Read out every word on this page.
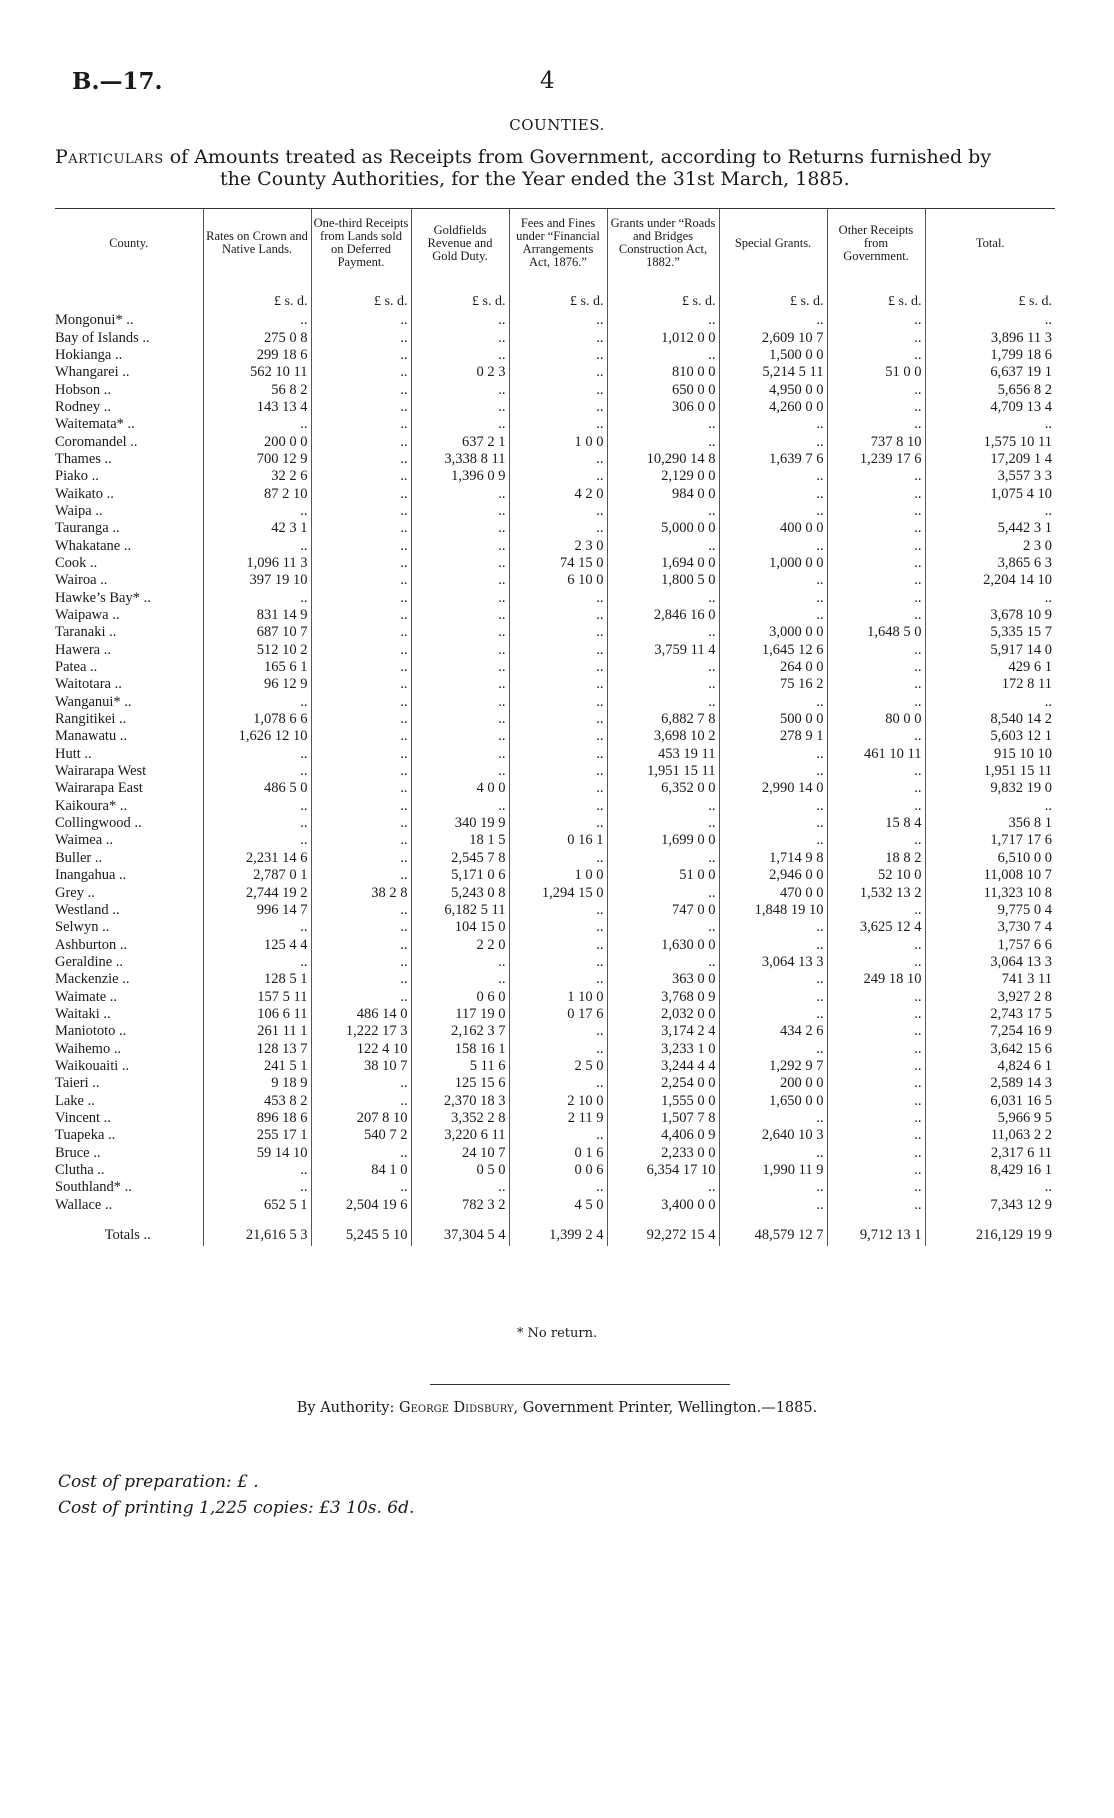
B.—17.	4
COUNTIES.
Particulars of Amounts treated as Receipts from Government, according to Returns furnished by
the County Authorities, for the Year ended the 31st March, 1885.
County.	Rates on Crown and Native Lands.	One-third Receipts from Lands sold on Deferred Payment.	Goldfields Revenue and Gold Duty.	Fees and Fines under “Financial Arrangements Act, 1876.”	Grants under “Roads and Bridges Construction Act, 1882.”	Special Grants.	Other Receipts from Government.	Total.
	£ s. d.	£ s. d.	£ s. d.	£ s. d.	£ s. d.	£ s. d.	£ s. d.	£ s. d.
Mongonui* ..	..	..	..	..	..	..	..	..
Bay of Islands ..	275 0 8	..	..	..	1,012 0 0	2,609 10 7	..	3,896 11 3
Hokianga ..	299 18 6	..	..	..	..	1,500 0 0	..	1,799 18 6
Whangarei ..	562 10 11	..	0 2 3	..	810 0 0	5,214 5 11	51 0 0	6,637 19 1
Hobson ..	56 8 2	..	..	..	650 0 0	4,950 0 0	..	5,656 8 2
Rodney ..	143 13 4	..	..	..	306 0 0	4,260 0 0	..	4,709 13 4
Waitemata* ..	..	..	..	..	..	..	..	..
Coromandel ..	200 0 0	..	637 2 1	1 0 0	..	..	737 8 10	1,575 10 11
Thames ..	700 12 9	..	3,338 8 11	..	10,290 14 8	1,639 7 6	1,239 17 6	17,209 1 4
Piako ..	32 2 6	..	1,396 0 9	..	2,129 0 0	..	..	3,557 3 3
Waikato ..	87 2 10	..	..	4 2 0	984 0 0	..	..	1,075 4 10
Waipa ..	..	..	..	..	..	..	..	..
Tauranga ..	42 3 1	..	..	..	5,000 0 0	400 0 0	..	5,442 3 1
Whakatane ..	..	..	..	2 3 0	..	..	..	2 3 0
Cook ..	1,096 11 3	..	..	74 15 0	1,694 0 0	1,000 0 0	..	3,865 6 3
Wairoa ..	397 19 10	..	..	6 10 0	1,800 5 0	..	..	2,204 14 10
Hawke’s Bay* ..	..	..	..	..	..	..	..	..
Waipawa ..	831 14 9	..	..	..	2,846 16 0	..	..	3,678 10 9
Taranaki ..	687 10 7	..	..	..	..	3,000 0 0	1,648 5 0	5,335 15 7
Hawera ..	512 10 2	..	..	..	3,759 11 4	1,645 12 6	..	5,917 14 0
Patea ..	165 6 1	..	..	..	..	264 0 0	..	429 6 1
Waitotara ..	96 12 9	..	..	..	..	75 16 2	..	172 8 11
Wanganui* ..	..	..	..	..	..	..	..	..
Rangitikei ..	1,078 6 6	..	..	..	6,882 7 8	500 0 0	80 0 0	8,540 14 2
Manawatu ..	1,626 12 10	..	..	..	3,698 10 2	278 9 1	..	5,603 12 1
Hutt ..	..	..	..	..	453 19 11	..	461 10 11	915 10 10
Wairarapa West	..	..	..	..	1,951 15 11	..	..	1,951 15 11
Wairarapa East	486 5 0	..	4 0 0	..	6,352 0 0	2,990 14 0	..	9,832 19 0
Kaikoura* ..	..	..	..	..	..	..	..	..
Collingwood ..	..	..	340 19 9	..	..	..	15 8 4	356 8 1
Waimea ..	..	..	18 1 5	0 16 1	1,699 0 0	..	..	1,717 17 6
Buller ..	2,231 14 6	..	2,545 7 8	..	..	1,714 9 8	18 8 2	6,510 0 0
Inangahua ..	2,787 0 1	..	5,171 0 6	1 0 0	51 0 0	2,946 0 0	52 10 0	11,008 10 7
Grey ..	2,744 19 2	38 2 8	5,243 0 8	1,294 15 0	..	470 0 0	1,532 13 2	11,323 10 8
Westland ..	996 14 7	..	6,182 5 11	..	747 0 0	1,848 19 10	..	9,775 0 4
Selwyn ..	..	..	104 15 0	..	..	..	3,625 12 4	3,730 7 4
Ashburton ..	125 4 4	..	2 2 0	..	1,630 0 0	..	..	1,757 6 6
Geraldine ..	..	..	..	..	..	3,064 13 3	..	3,064 13 3
Mackenzie ..	128 5 1	..	..	..	363 0 0	..	249 18 10	741 3 11
Waimate ..	157 5 11	..	0 6 0	1 10 0	3,768 0 9	..	..	3,927 2 8
Waitaki ..	106 6 11	486 14 0	117 19 0	0 17 6	2,032 0 0	..	..	2,743 17 5
Maniototo ..	261 11 1	1,222 17 3	2,162 3 7	..	3,174 2 4	434 2 6	..	7,254 16 9
Waihemo ..	128 13 7	122 4 10	158 16 1	..	3,233 1 0	..	..	3,642 15 6
Waikouaiti ..	241 5 1	38 10 7	5 11 6	2 5 0	3,244 4 4	1,292 9 7	..	4,824 6 1
Taieri ..	9 18 9	..	125 15 6	..	2,254 0 0	200 0 0	..	2,589 14 3
Lake ..	453 8 2	..	2,370 18 3	2 10 0	1,555 0 0	1,650 0 0	..	6,031 16 5
Vincent ..	896 18 6	207 8 10	3,352 2 8	2 11 9	1,507 7 8	..	..	5,966 9 5
Tuapeka ..	255 17 1	540 7 2	3,220 6 11	..	4,406 0 9	2,640 10 3	..	11,063 2 2
Bruce ..	59 14 10	..	24 10 7	0 1 6	2,233 0 0	..	..	2,317 6 11
Clutha ..	..	84 1 0	0 5 0	0 0 6	6,354 17 10	1,990 11 9	..	8,429 16 1
Southland* ..	..	..	..	..	..	..	..	..
Wallace ..	652 5 1	2,504 19 6	782 3 2	4 5 0	3,400 0 0	..	..	7,343 12 9
Totals ..	21,616 5 3	5,245 5 10	37,304 5 4	1,399 2 4	92,272 15 4	48,579 12 7	9,712 13 1	216,129 19 9
* No return.
By Authority: George Didsbury, Government Printer, Wellington.—1885.
Cost of preparation: £ .
Cost of printing 1,225 copies: £3 10s. 6d.
